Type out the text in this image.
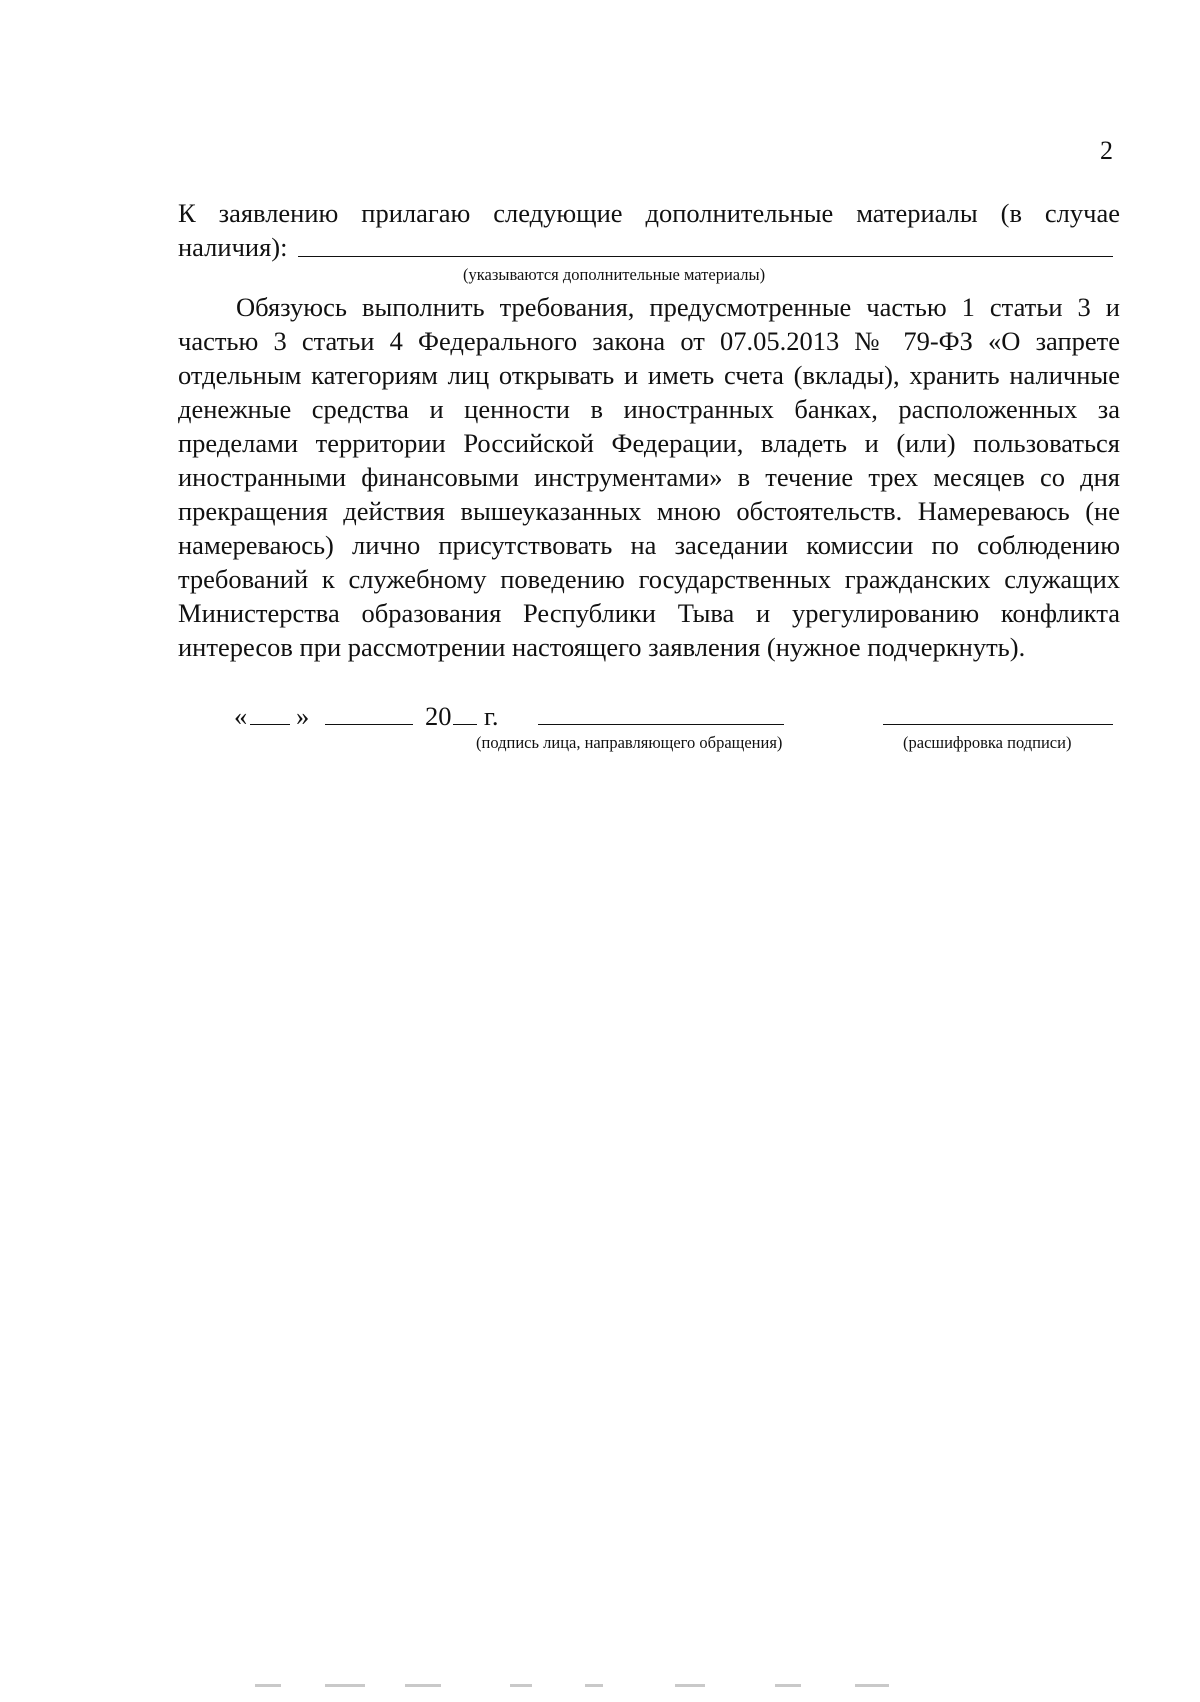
2
К заявлению прилагаю следующие дополнительные материалы (в случае
наличия):
(указываются дополнительные материалы)
Обязуюсь выполнить требования, предусмотренные частью 1 статьи 3 и
частью 3 статьи 4 Федерального закона от 07.05.2013 № 79-ФЗ «О запрете
отдельным категориям лиц открывать и иметь счета (вклады), хранить наличные
денежные средства и ценности в иностранных банках, расположенных за
пределами территории Российской Федерации, владеть и (или) пользоваться
иностранными финансовыми инструментами» в течение трех месяцев со дня
прекращения действия вышеуказанных мною обстоятельств. Намереваюсь (не
намереваюсь) лично присутствовать на заседании комиссии по соблюдению
требований к служебному поведению государственных гражданских служащих
Министерства образования Республики Тыва и урегулированию конфликта
интересов при рассмотрении настоящего заявления (нужное подчеркнуть).
« »	20 г.
(подпись лица, направляющего обращения)	(расшифровка подписи)
